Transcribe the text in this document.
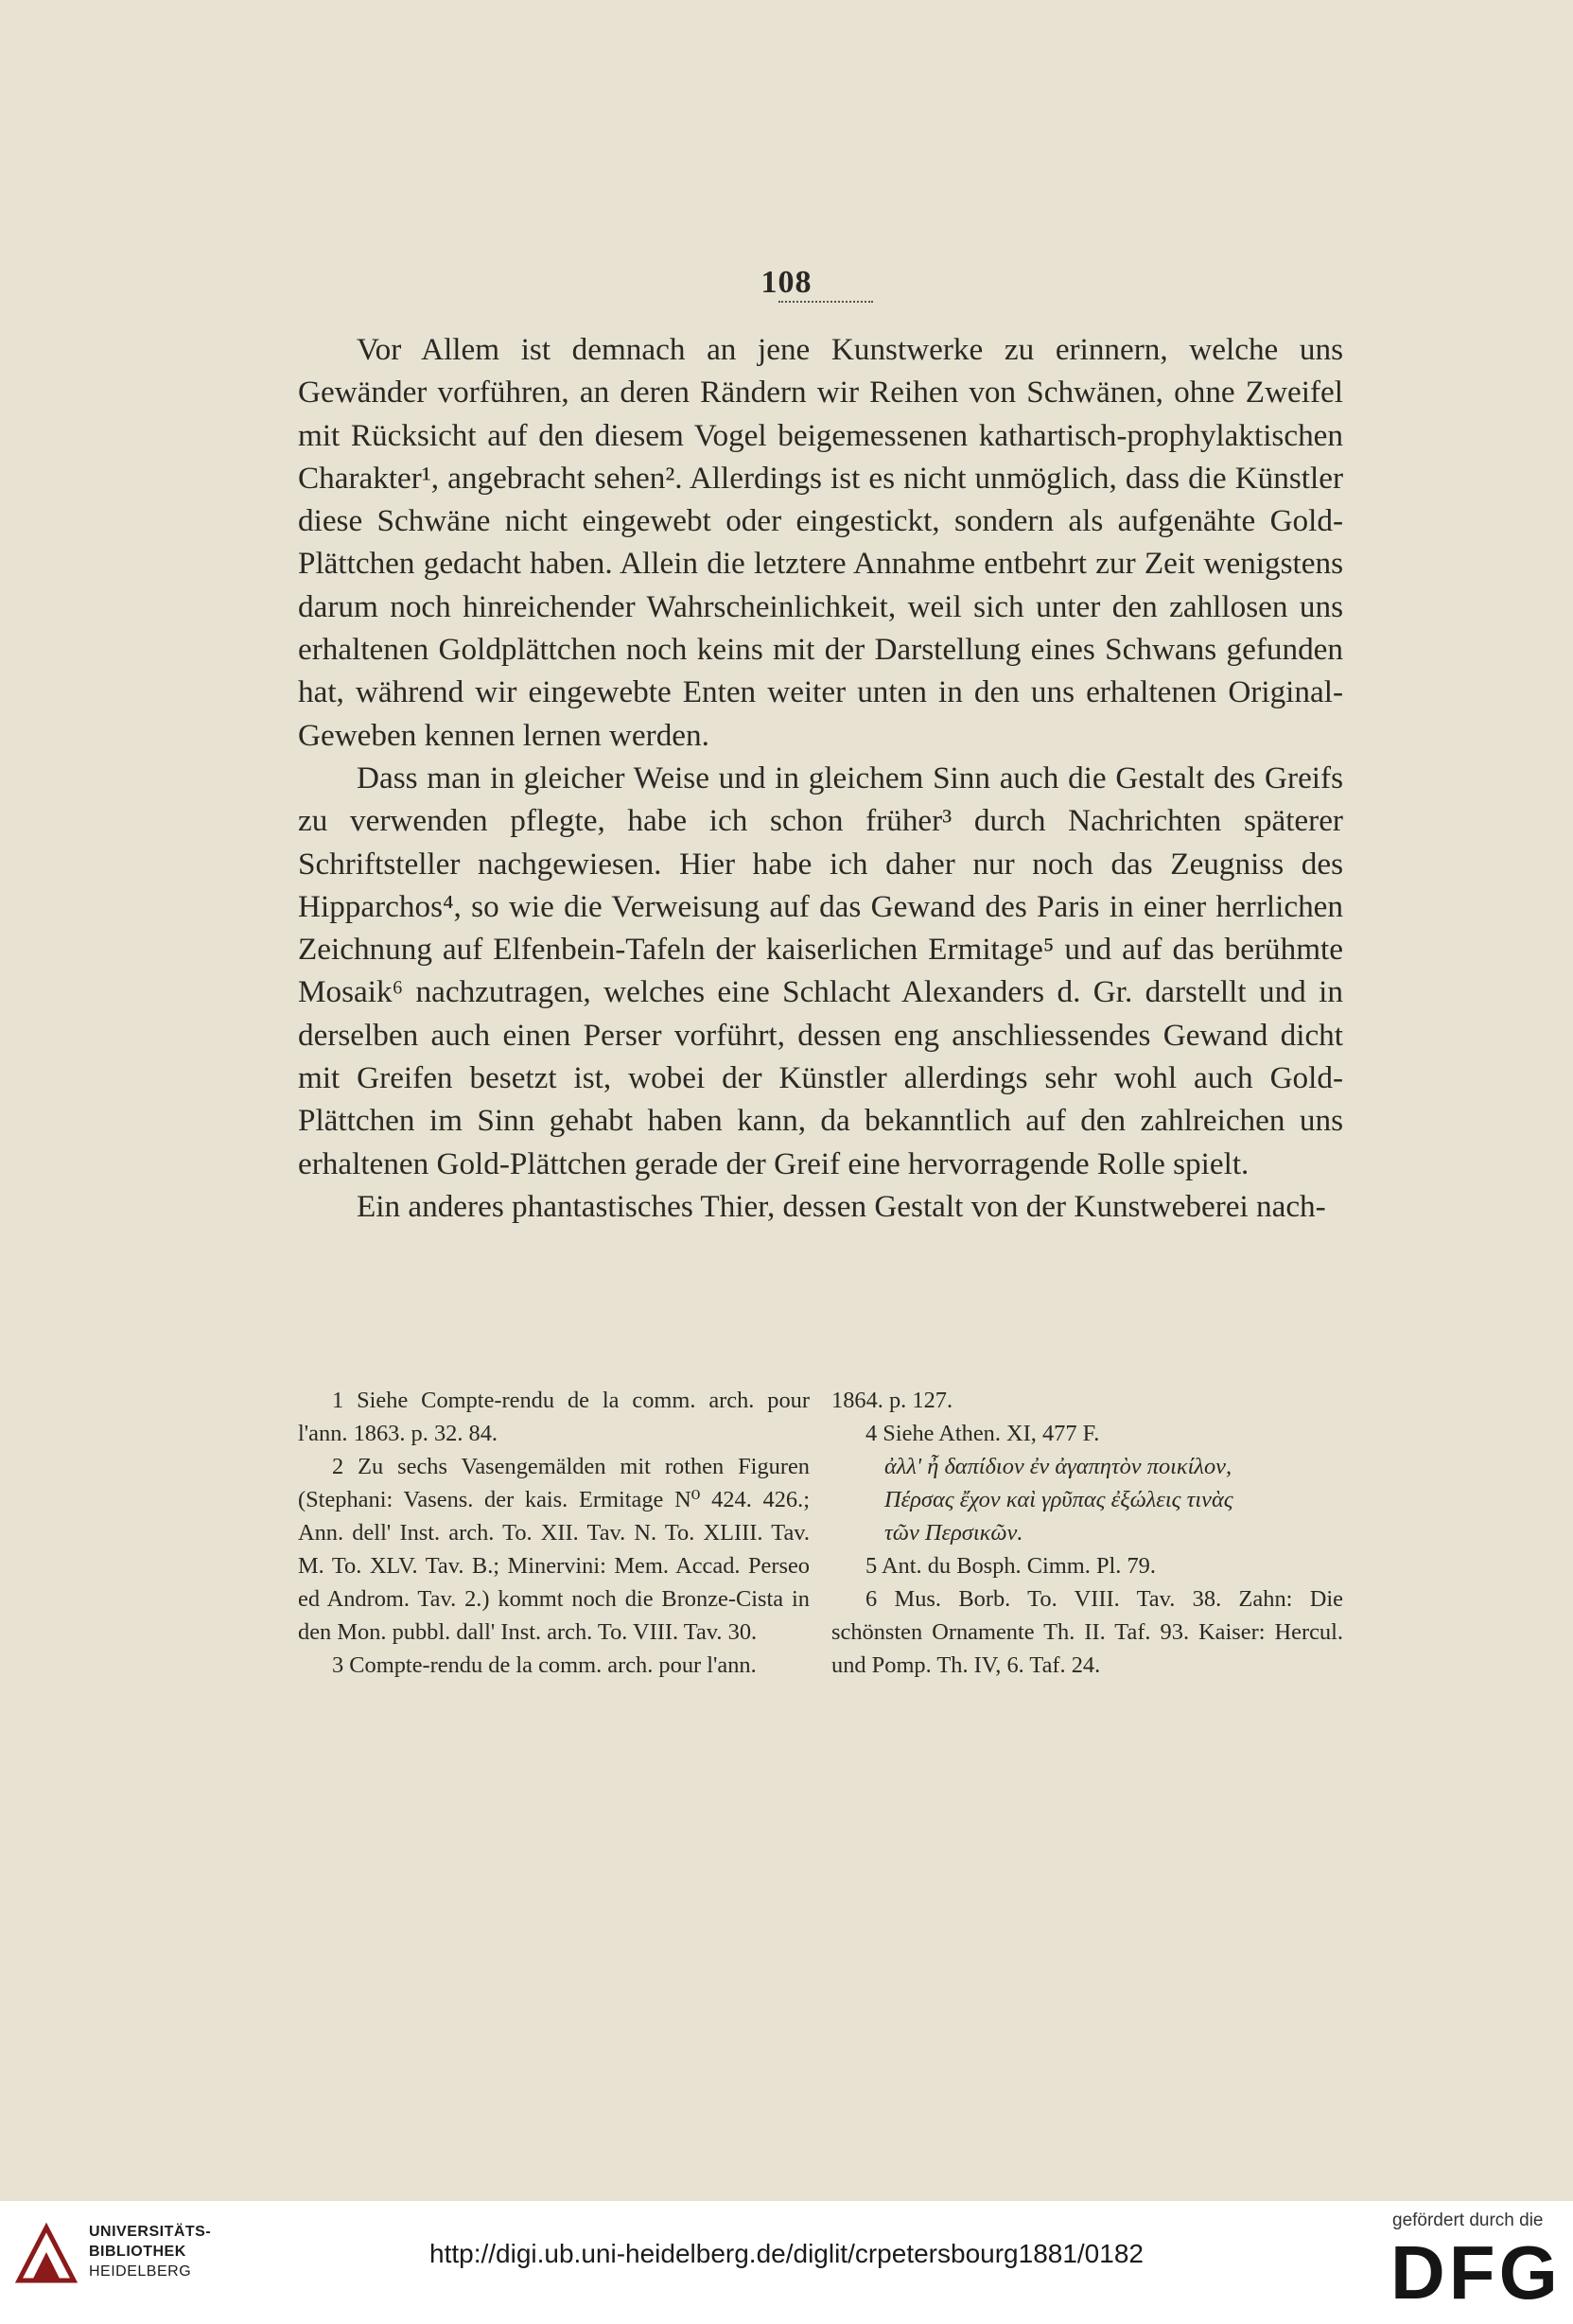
108

Vor Allem ist demnach an jene Kunstwerke zu erinnern, welche uns Gewänder vorführen, an deren Rändern wir Reihen von Schwänen, ohne Zweifel mit Rücksicht auf den diesem Vogel beigemessenen kathartisch-prophylaktischen Charakter¹, angebracht sehen². Allerdings ist es nicht unmöglich, dass die Künstler diese Schwäne nicht eingewebt oder eingestickt, sondern als aufgenähte Gold-Plättchen gedacht haben. Allein die letztere Annahme entbehrt zur Zeit wenigstens darum noch hinreichender Wahrscheinlichkeit, weil sich unter den zahllosen uns erhaltenen Goldplättchen noch keins mit der Darstellung eines Schwans gefunden hat, während wir eingewebte Enten weiter unten in den uns erhaltenen Original-Geweben kennen lernen werden.

Dass man in gleicher Weise und in gleichem Sinn auch die Gestalt des Greifs zu verwenden pflegte, habe ich schon früher³ durch Nachrichten späterer Schriftsteller nachgewiesen. Hier habe ich daher nur noch das Zeugniss des Hipparchos⁴, so wie die Verweisung auf das Gewand des Paris in einer herrlichen Zeichnung auf Elfenbein-Tafeln der kaiserlichen Ermitage⁵ und auf das berühmte Mosaik⁶ nachzutragen, welches eine Schlacht Alexanders d. Gr. darstellt und in derselben auch einen Perser vorführt, dessen eng anschliessendes Gewand dicht mit Greifen besetzt ist, wobei der Künstler allerdings sehr wohl auch Gold-Plättchen im Sinn gehabt haben kann, da bekanntlich auf den zahlreichen uns erhaltenen Gold-Plättchen gerade der Greif eine hervorragende Rolle spielt.

Ein anderes phantastisches Thier, dessen Gestalt von der Kunstweberei nach-

1 Siehe Compte-rendu de la comm. arch. pour l'ann. 1863. p. 32. 84.

2 Zu sechs Vasengemälden mit rothen Figuren (Stephani: Vasens. der kais. Ermitage N⁰ 424. 426.; Ann. dell' Inst. arch. To. XII. Tav. N. To. XLIII. Tav. M. To. XLV. Tav. B.; Minervini: Mem. Accad. Perseo ed Androm. Tav. 2.) kommt noch die Bronze-Cista in den Mon. pubbl. dall' Inst. arch. To. VIII. Tav. 30.

3 Compte-rendu de la comm. arch. pour l'ann.

1864. p. 127.

4 Siehe Athen. XI, 477 F.

ἀλλ' ἦ δαπίδιον ἐν ἀγαπητὸν ποικίλον,

Πέρσας ἔχον καὶ γρῦπας ἐξώλεις τινὰς

τῶν Περσικῶν.

5 Ant. du Bosph. Cimm. Pl. 79.

6 Mus. Borb. To. VIII. Tav. 38. Zahn: Die schönsten Ornamente Th. II. Taf. 93. Kaiser: Hercul. und Pomp. Th. IV, 6. Taf. 24.

UNIVERSITÄTS-
BIBLIOTHEK
HEIDELBERG
http://digi.ub.uni-heidelberg.de/diglit/crpetersbourg1881/0182
gefördert durch die
DFG
